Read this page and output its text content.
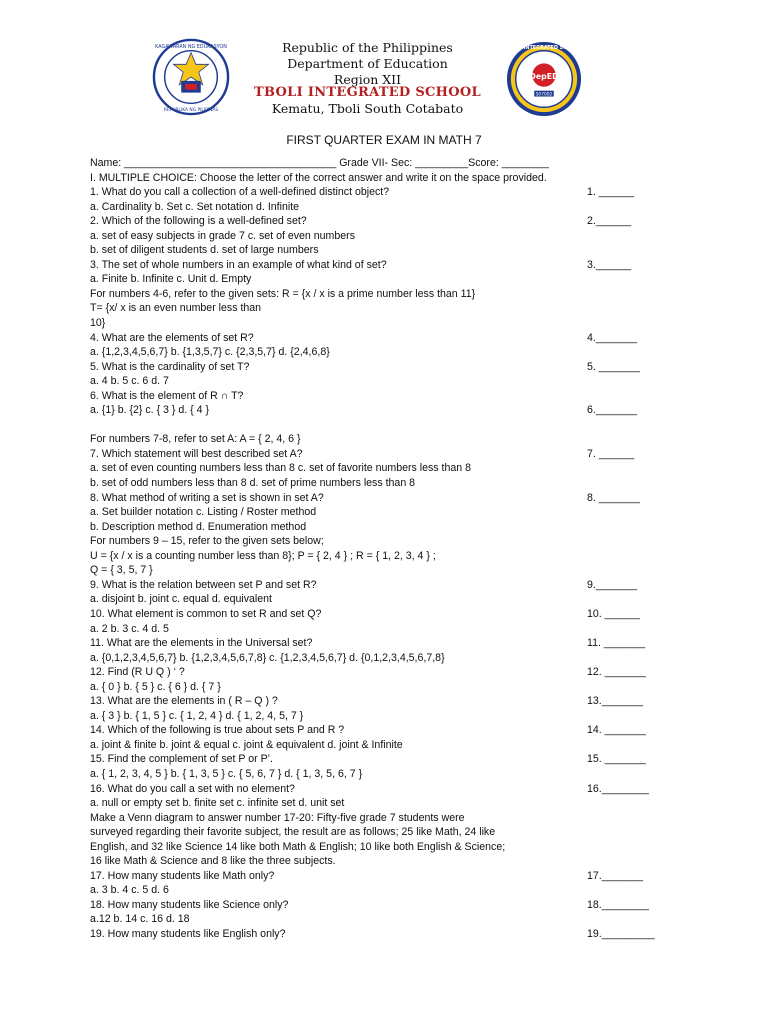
KAGAWARAN NG EDUKASYON
REPUBLIKA NG PILIPINAS
Republic of the Philippines
Department of Education
Region XII
TBOLI INTEGRATED SCHOOL
Kematu, Tboli South Cotabato
DepED
507002
TBOLI INTEGRATED SCHOOL
FIRST QUARTER EXAM IN MATH 7
Name: ____________________________________ Grade VII- Sec: _________Score: ________
I. MULTIPLE CHOICE: Choose the letter of the correct answer and write it on the space provided.
1. What do you call a collection of a well-defined distinct object?	1. ______
a. Cardinality b. Set c. Set notation d. Infinite
2. Which of the following is a well-defined set?	2.______
a. set of easy subjects in grade 7 c. set of even numbers
b. set of diligent students d. set of large numbers
3. The set of whole numbers in an example of what kind of set?	3.______
a. Finite b. Infinite c. Unit d. Empty
For numbers 4-6, refer to the given sets: R = {x / x is a prime number less than 11}
T= {x/ x is an even number less than
10}
4. What are the elements of set R?	4._______
a. {1,2,3,4,5,6,7} b. {1,3,5,7} c. {2,3,5,7} d. {2,4,6,8}
5. What is the cardinality of set T?	5. _______
a. 4 b. 5 c. 6 d. 7
6. What is the element of R ∩ T?
a. {1} b. {2} c. { 3 } d. { 4 }	6._______
For numbers 7-8, refer to set A: A = { 2, 4, 6 }
7. Which statement will best described set A?	7. ______
a. set of even counting numbers less than 8 c. set of favorite numbers less than 8
b. set of odd numbers less than 8 d. set of prime numbers less than 8
8. What method of writing a set is shown in set A?	8. _______
a. Set builder notation c. Listing / Roster method
b. Description method d. Enumeration method
For numbers 9 – 15, refer to the given sets below;
U = {x / x is a counting number less than 8}; P = { 2, 4 } ; R = { 1, 2, 3, 4 } ;
Q = { 3, 5, 7 }
9. What is the relation between set P and set R?	9._______
a. disjoint b. joint c. equal d. equivalent
10. What element is common to set R and set Q?	10. ______
a. 2 b. 3 c. 4 d. 5
11. What are the elements in the Universal set?	11. _______
a. {0,1,2,3,4,5,6,7} b. {1,2,3,4,5,6,7,8} c. {1,2,3,4,5,6,7} d. {0,1,2,3,4,5,6,7,8}
12. Find (R U Q ) ‘ ?	12. _______
a. { 0 } b. { 5 } c. { 6 } d. { 7 }
13. What are the elements in ( R – Q ) ?	13._______
a. { 3 } b. { 1, 5 } c. { 1, 2, 4 } d. { 1, 2, 4, 5, 7 }
14. Which of the following is true about sets P and R ?	14. _______
a. joint & finite b. joint & equal c. joint & equivalent d. joint & Infinite
15. Find the complement of set P or P’.	15. _______
a. { 1, 2, 3, 4, 5 } b. { 1, 3, 5 } c. { 5, 6, 7 } d. { 1, 3, 5, 6, 7 }
16. What do you call a set with no element?	16.________
a. null or empty set b. finite set c. infinite set d. unit set
Make a Venn diagram to answer number 17-20: Fifty-five grade 7 students were
surveyed regarding their favorite subject, the result are as follows; 25 like Math, 24 like
English, and 32 like Science 14 like both Math & English; 10 like both English & Science;
16 like Math & Science and 8 like the three subjects.
17. How many students like Math only?	17._______
a. 3 b. 4 c. 5 d. 6
18. How many students like Science only?	18.________
a.12 b. 14 c. 16 d. 18
19. How many students like English only?	19._________
